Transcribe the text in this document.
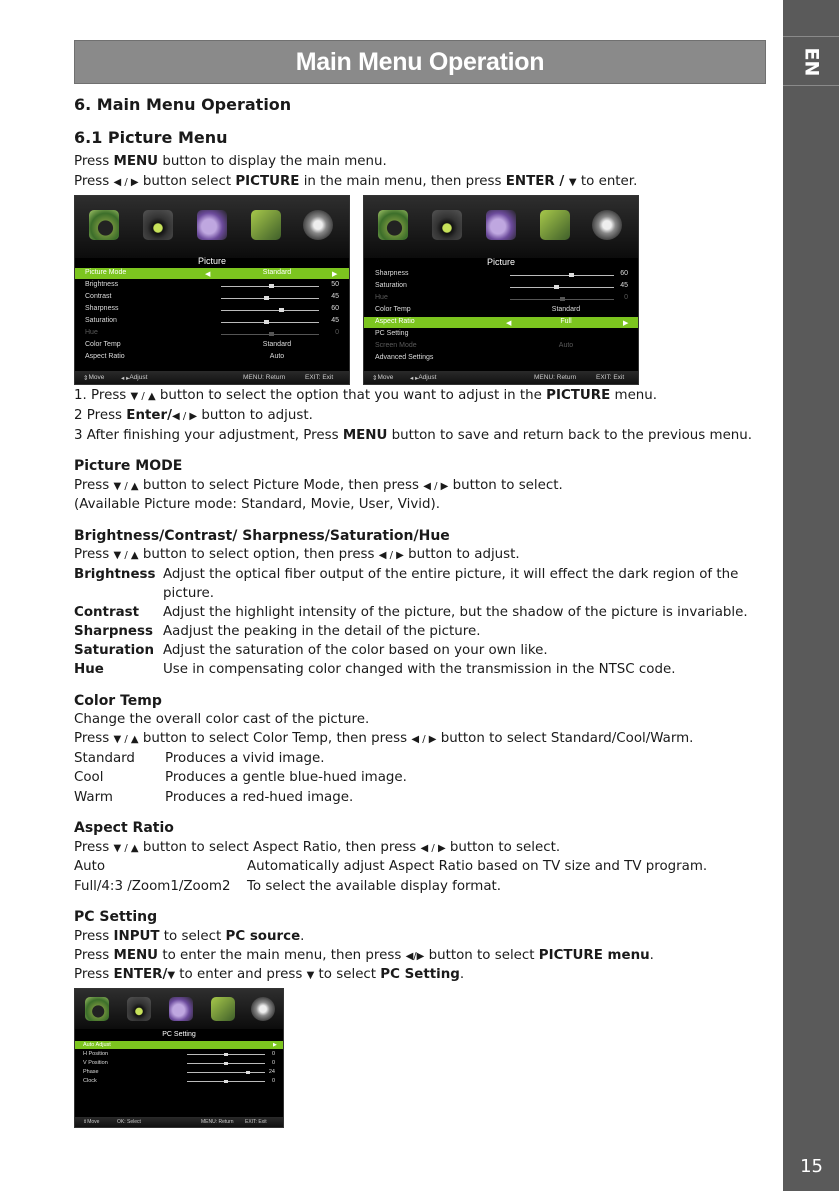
EN
15
Main Menu Operation
6. Main Menu Operation
6.1 Picture Menu
Press MENU button to display the main menu.
Press ◀ / ▶ button select PICTURE in the main menu, then press ENTER / ▼ to enter.
Picture
Picture Mode	◀	Standard	▶
Brightness	50
Contrast	45
Sharpness	60
Saturation	45
Hue	0
Color Temp	Standard
Aspect Ratio	Auto
⇕ Move	◂ ▸ Adjust	MENU: Return	EXIT: Exit
Picture
Sharpness	60
Saturation	45
Hue	0
Color Temp	Standard
Aspect Ratio	◀	Full	▶
PC Setting
Screen Mode	Auto
Advanced Settings
⇕ Move	◂ ▸ Adjust	MENU: Return	EXIT: Exit
1. Press ▼ / ▲ button to select the option that you want to adjust in the PICTURE menu.
2 Press Enter/◀ / ▶ button to adjust.
3 After finishing your adjustment, Press MENU button to save and return back to the previous menu.
Picture MODE
Press ▼ / ▲ button to select Picture Mode, then press ◀ / ▶ button to select.
(Available Picture mode: Standard, Movie, User, Vivid).
Brightness/Contrast/ Sharpness/Saturation/Hue
Press ▼ / ▲ button to select option, then press ◀ / ▶ button to adjust.
Brightness Adjust the optical fiber output of the entire picture, it will effect the dark region of the
picture.
Contrast Adjust the highlight intensity of the picture, but the shadow of the picture is invariable.
Sharpness Aadjust the peaking in the detail of the picture.
Saturation Adjust the saturation of the color based on your own like.
Hue	Use in compensating color changed with the transmission in the NTSC code.
Color Temp
Change the overall color cast of the picture.
Press ▼ / ▲ button to select Color Temp, then press ◀ / ▶ button to select Standard/Cool/Warm.
Standard Produces a vivid image.
Cool	Produces a gentle blue-hued image.
Warm	Produces a red-hued image.
Aspect Ratio
Press ▼ / ▲ button to select Aspect Ratio, then press ◀ / ▶ button to select.
Auto	Automatically adjust Aspect Ratio based on TV size and TV program.
Full/4:3 /Zoom1/Zoom2 To select the available display format.
PC Setting
Press INPUT to select PC source.
Press MENU to enter the main menu, then press ◀/▶ button to select PICTURE menu.
Press ENTER/▼ to enter and press ▼ to select PC Setting.
PC Setting
Auto Adjust	▶
H Position	0
V Position	0
Phase	24
Clock	0
⇕ Move	OK: Select	MENU: Return EXIT: Exit
